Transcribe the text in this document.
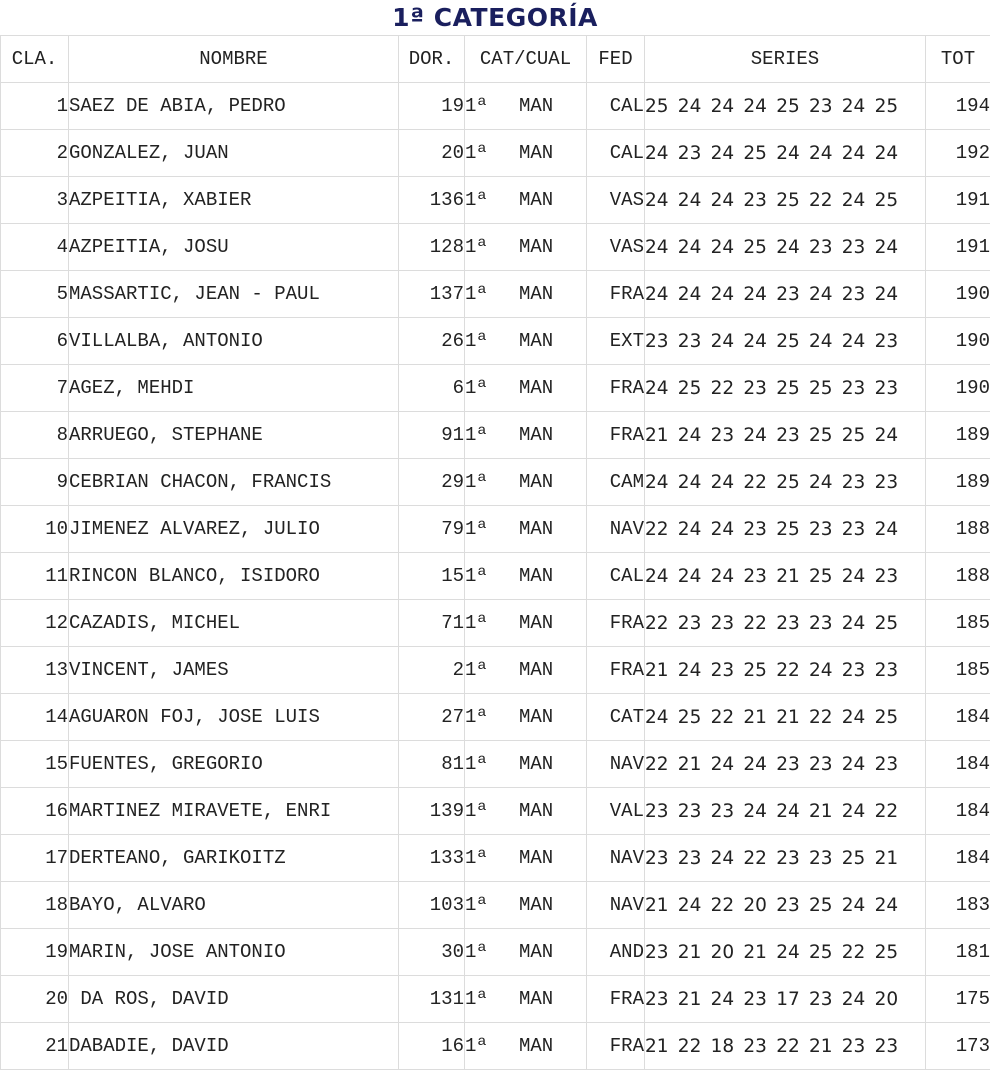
1ª CATEGORÍA
CLA.	NOMBRE	DOR.	CAT/CUAL	FED	SERIES	TOT
1	SAEZ DE ABIA, PEDRO	19	1ª MAN	CAL	25 24 24 24 25 23 24 25	194
2	GONZALEZ, JUAN	20	1ª MAN	CAL	24 23 24 25 24 24 24 24	192
3	AZPEITIA, XABIER	136	1ª MAN	VAS	24 24 24 23 25 22 24 25	191
4	AZPEITIA, JOSU	128	1ª MAN	VAS	24 24 24 25 24 23 23 24	191
5	MASSARTIC, JEAN - PAUL	137	1ª MAN	FRA	24 24 24 24 23 24 23 24	190
6	VILLALBA, ANTONIO	26	1ª MAN	EXT	23 23 24 24 25 24 24 23	190
7	AGEZ, MEHDI	6	1ª MAN	FRA	24 25 22 23 25 25 23 23	190
8	ARRUEGO, STEPHANE	91	1ª MAN	FRA	21 24 23 24 23 25 25 24	189
9	CEBRIAN CHACON, FRANCIS	29	1ª MAN	CAM	24 24 24 22 25 24 23 23	189
10	JIMENEZ ALVAREZ, JULIO	79	1ª MAN	NAV	22 24 24 23 25 23 23 24	188
11	RINCON BLANCO, ISIDORO	15	1ª MAN	CAL	24 24 24 23 21 25 24 23	188
12	CAZADIS, MICHEL	71	1ª MAN	FRA	22 23 23 22 23 23 24 25	185
13	VINCENT, JAMES	2	1ª MAN	FRA	21 24 23 25 22 24 23 23	185
14	AGUARON FOJ, JOSE LUIS	27	1ª MAN	CAT	24 25 22 21 21 22 24 25	184
15	FUENTES, GREGORIO	81	1ª MAN	NAV	22 21 24 24 23 23 24 23	184
16	MARTINEZ MIRAVETE, ENRI	139	1ª MAN	VAL	23 23 23 24 24 21 24 22	184
17	DERTEANO, GARIKOITZ	133	1ª MAN	NAV	23 23 24 22 23 23 25 21	184
18	BAYO, ALVARO	103	1ª MAN	NAV	21 24 22 20 23 25 24 24	183
19	MARIN, JOSE ANTONIO	30	1ª MAN	AND	23 21 20 21 24 25 22 25	181
20	DA ROS, DAVID	131	1ª MAN	FRA	23 21 24 23 17 23 24 20	175
21	DABADIE, DAVID	16	1ª MAN	FRA	21 22 18 23 22 21 23 23	173
